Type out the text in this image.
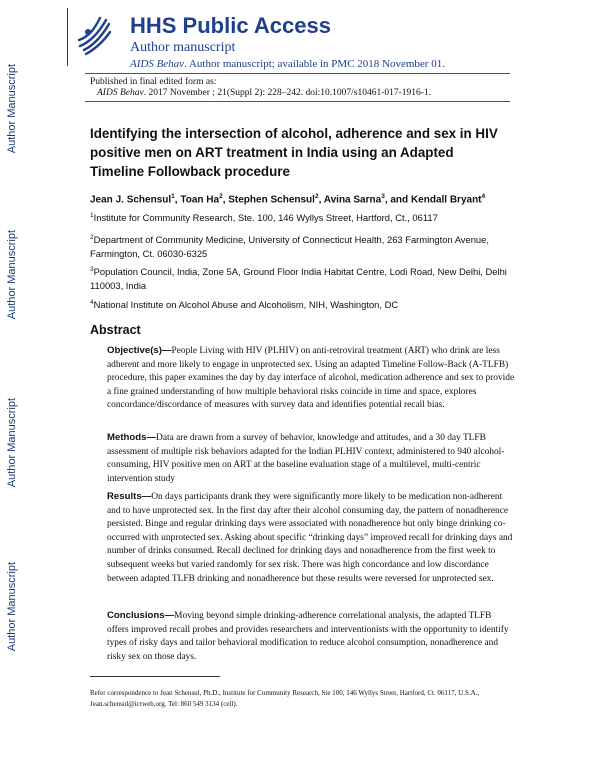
Author Manuscript
Author Manuscript
Author Manuscript
Author Manuscript
HHS Public Access
Author manuscript
AIDS Behav. Author manuscript; available in PMC 2018 November 01.
Published in final edited form as:
AIDS Behav. 2017 November ; 21(Suppl 2): 228–242. doi:10.1007/s10461-017-1916-1.
Identifying the intersection of alcohol, adherence and sex in HIV positive men on ART treatment in India using an Adapted Timeline Followback procedure
Jean J. Schensul$^1$, Toan Ha$^2$, Stephen Schensul$^2$, Avina Sarna$^3$, and Kendall Bryant$^4$
$^1$Institute for Community Research, Ste. 100, 146 Wyllys Street, Hartford, Ct., 06117
$^2$Department of Community Medicine, University of Connecticut Health, 263 Farmington Avenue, Farmington, Ct. 06030-6325
$^3$Population Council, India, Zone 5A, Ground Floor India Habitat Centre, Lodi Road, New Delhi, Delhi 110003, India
$^4$National Institute on Alcohol Abuse and Alcoholism, NIH, Washington, DC
Abstract
Objective(s)—People Living with HIV (PLHIV) on anti-retroviral treatment (ART) who drink are less adherent and more likely to engage in unprotected sex. Using an adapted Timeline Follow-Back (A-TLFB) procedure, this paper examines the day by day interface of alcohol, medication adherence and sex to provide a fine grained understanding of how multiple behavioral risks coincide in time and space, explores concordance/discordance of measures with survey data and identifies potential recall bias.
Methods—Data are drawn from a survey of behavior, knowledge and attitudes, and a 30 day TLFB assessment of multiple risk behaviors adapted for the Indian PLHIV context, administered to 940 alcohol-consuming, HIV positive men on ART at the baseline evaluation stage of a multilevel, multi-centric intervention study
Results—On days participants drank they were significantly more likely to be medication non-adherent and to have unprotected sex. In the first day after their alcohol consuming day, the pattern of nonadherence persisted. Binge and regular drinking days were associated with nonadherence but only binge drinking co-occurred with unprotected sex. Asking about specific “drinking days” improved recall for drinking days and number of drinks consumed. Recall declined for drinking days and nonadherence from the first week to subsequent weeks but varied randomly for sex risk. There was high concordance and low discordance between adapted TLFB drinking and nonadherence but these results were reversed for unprotected sex.
Conclusions—Moving beyond simple drinking-adherence correlational analysis, the adapted TLFB offers improved recall probes and provides researchers and interventionists with the opportunity to identify types of risky days and tailor behavioral modification to reduce alcohol consumption, nonadherence and risky sex on those days.
Refer correspondence to Jean Schensul, Ph.D., Institute for Community Research, Ste 100, 146 Wyllys Street, Hartford, Ct. 06117, U.S.A., Jean.schensul@icrweb.org. Tel: 860 549 3134 (cell).
